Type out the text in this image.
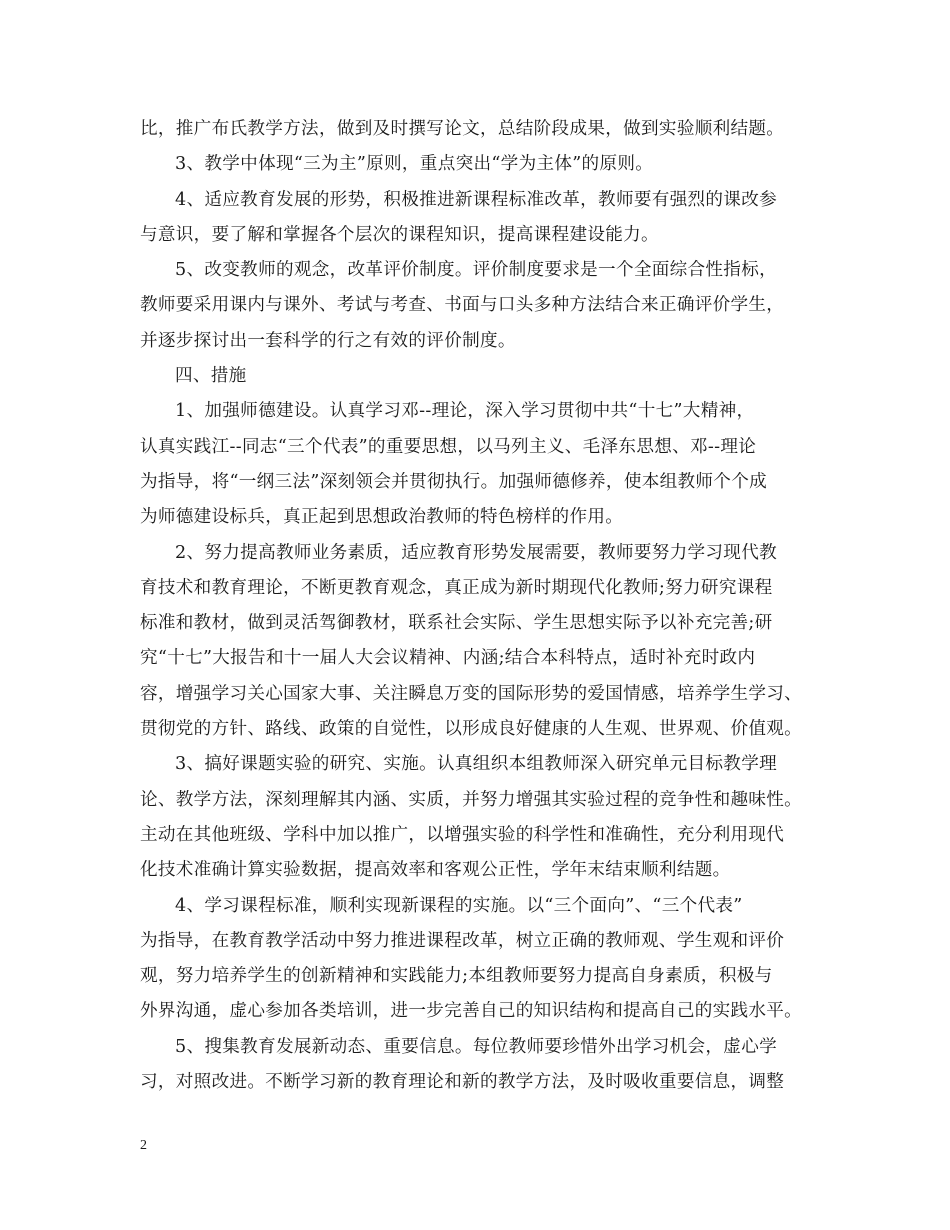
比，推广布氏教学方法，做到及时撰写论文，总结阶段成果，做到实验顺利结题。
3、教学中体现“三为主”原则，重点突出“学为主体”的原则。
4、适应教育发展的形势，积极推进新课程标准改革，教师要有强烈的课改参
与意识，要了解和掌握各个层次的课程知识，提高课程建设能力。
5、改变教师的观念，改革评价制度。评价制度要求是一个全面综合性指标，
教师要采用课内与课外、考试与考查、书面与口头多种方法结合来正确评价学生，
并逐步探讨出一套科学的行之有效的评价制度。
四、措施
1、加强师德建设。认真学习邓--理论，深入学习贯彻中共“十七”大精神，
认真实践江--同志“三个代表”的重要思想，以马列主义、毛泽东思想、邓--理论
为指导，将“一纲三法”深刻领会并贯彻执行。加强师德修养，使本组教师个个成
为师德建设标兵，真正起到思想政治教师的特色榜样的作用。
2、努力提高教师业务素质，适应教育形势发展需要，教师要努力学习现代教
育技术和教育理论，不断更教育观念，真正成为新时期现代化教师;努力研究课程
标准和教材，做到灵活驾御教材，联系社会实际、学生思想实际予以补充完善;研
究“十七”大报告和十一届人大会议精神、内涵;结合本科特点，适时补充时政内
容，增强学习关心国家大事、关注瞬息万变的国际形势的爱国情感，培养学生学习、
贯彻党的方针、路线、政策的自觉性，以形成良好健康的人生观、世界观、价值观。
3、搞好课题实验的研究、实施。认真组织本组教师深入研究单元目标教学理
论、教学方法，深刻理解其内涵、实质，并努力增强其实验过程的竞争性和趣味性。
主动在其他班级、学科中加以推广，以增强实验的科学性和准确性，充分利用现代
化技术准确计算实验数据，提高效率和客观公正性，学年末结束顺利结题。
4、学习课程标准，顺利实现新课程的实施。以“三个面向”、“三个代表”
为指导，在教育教学活动中努力推进课程改革，树立正确的教师观、学生观和评价
观，努力培养学生的创新精神和实践能力;本组教师要努力提高自身素质，积极与
外界沟通，虚心参加各类培训，进一步完善自己的知识结构和提高自己的实践水平。
5、搜集教育发展新动态、重要信息。每位教师要珍惜外出学习机会，虚心学
习，对照改进。不断学习新的教育理论和新的教学方法，及时吸收重要信息，调整
2
